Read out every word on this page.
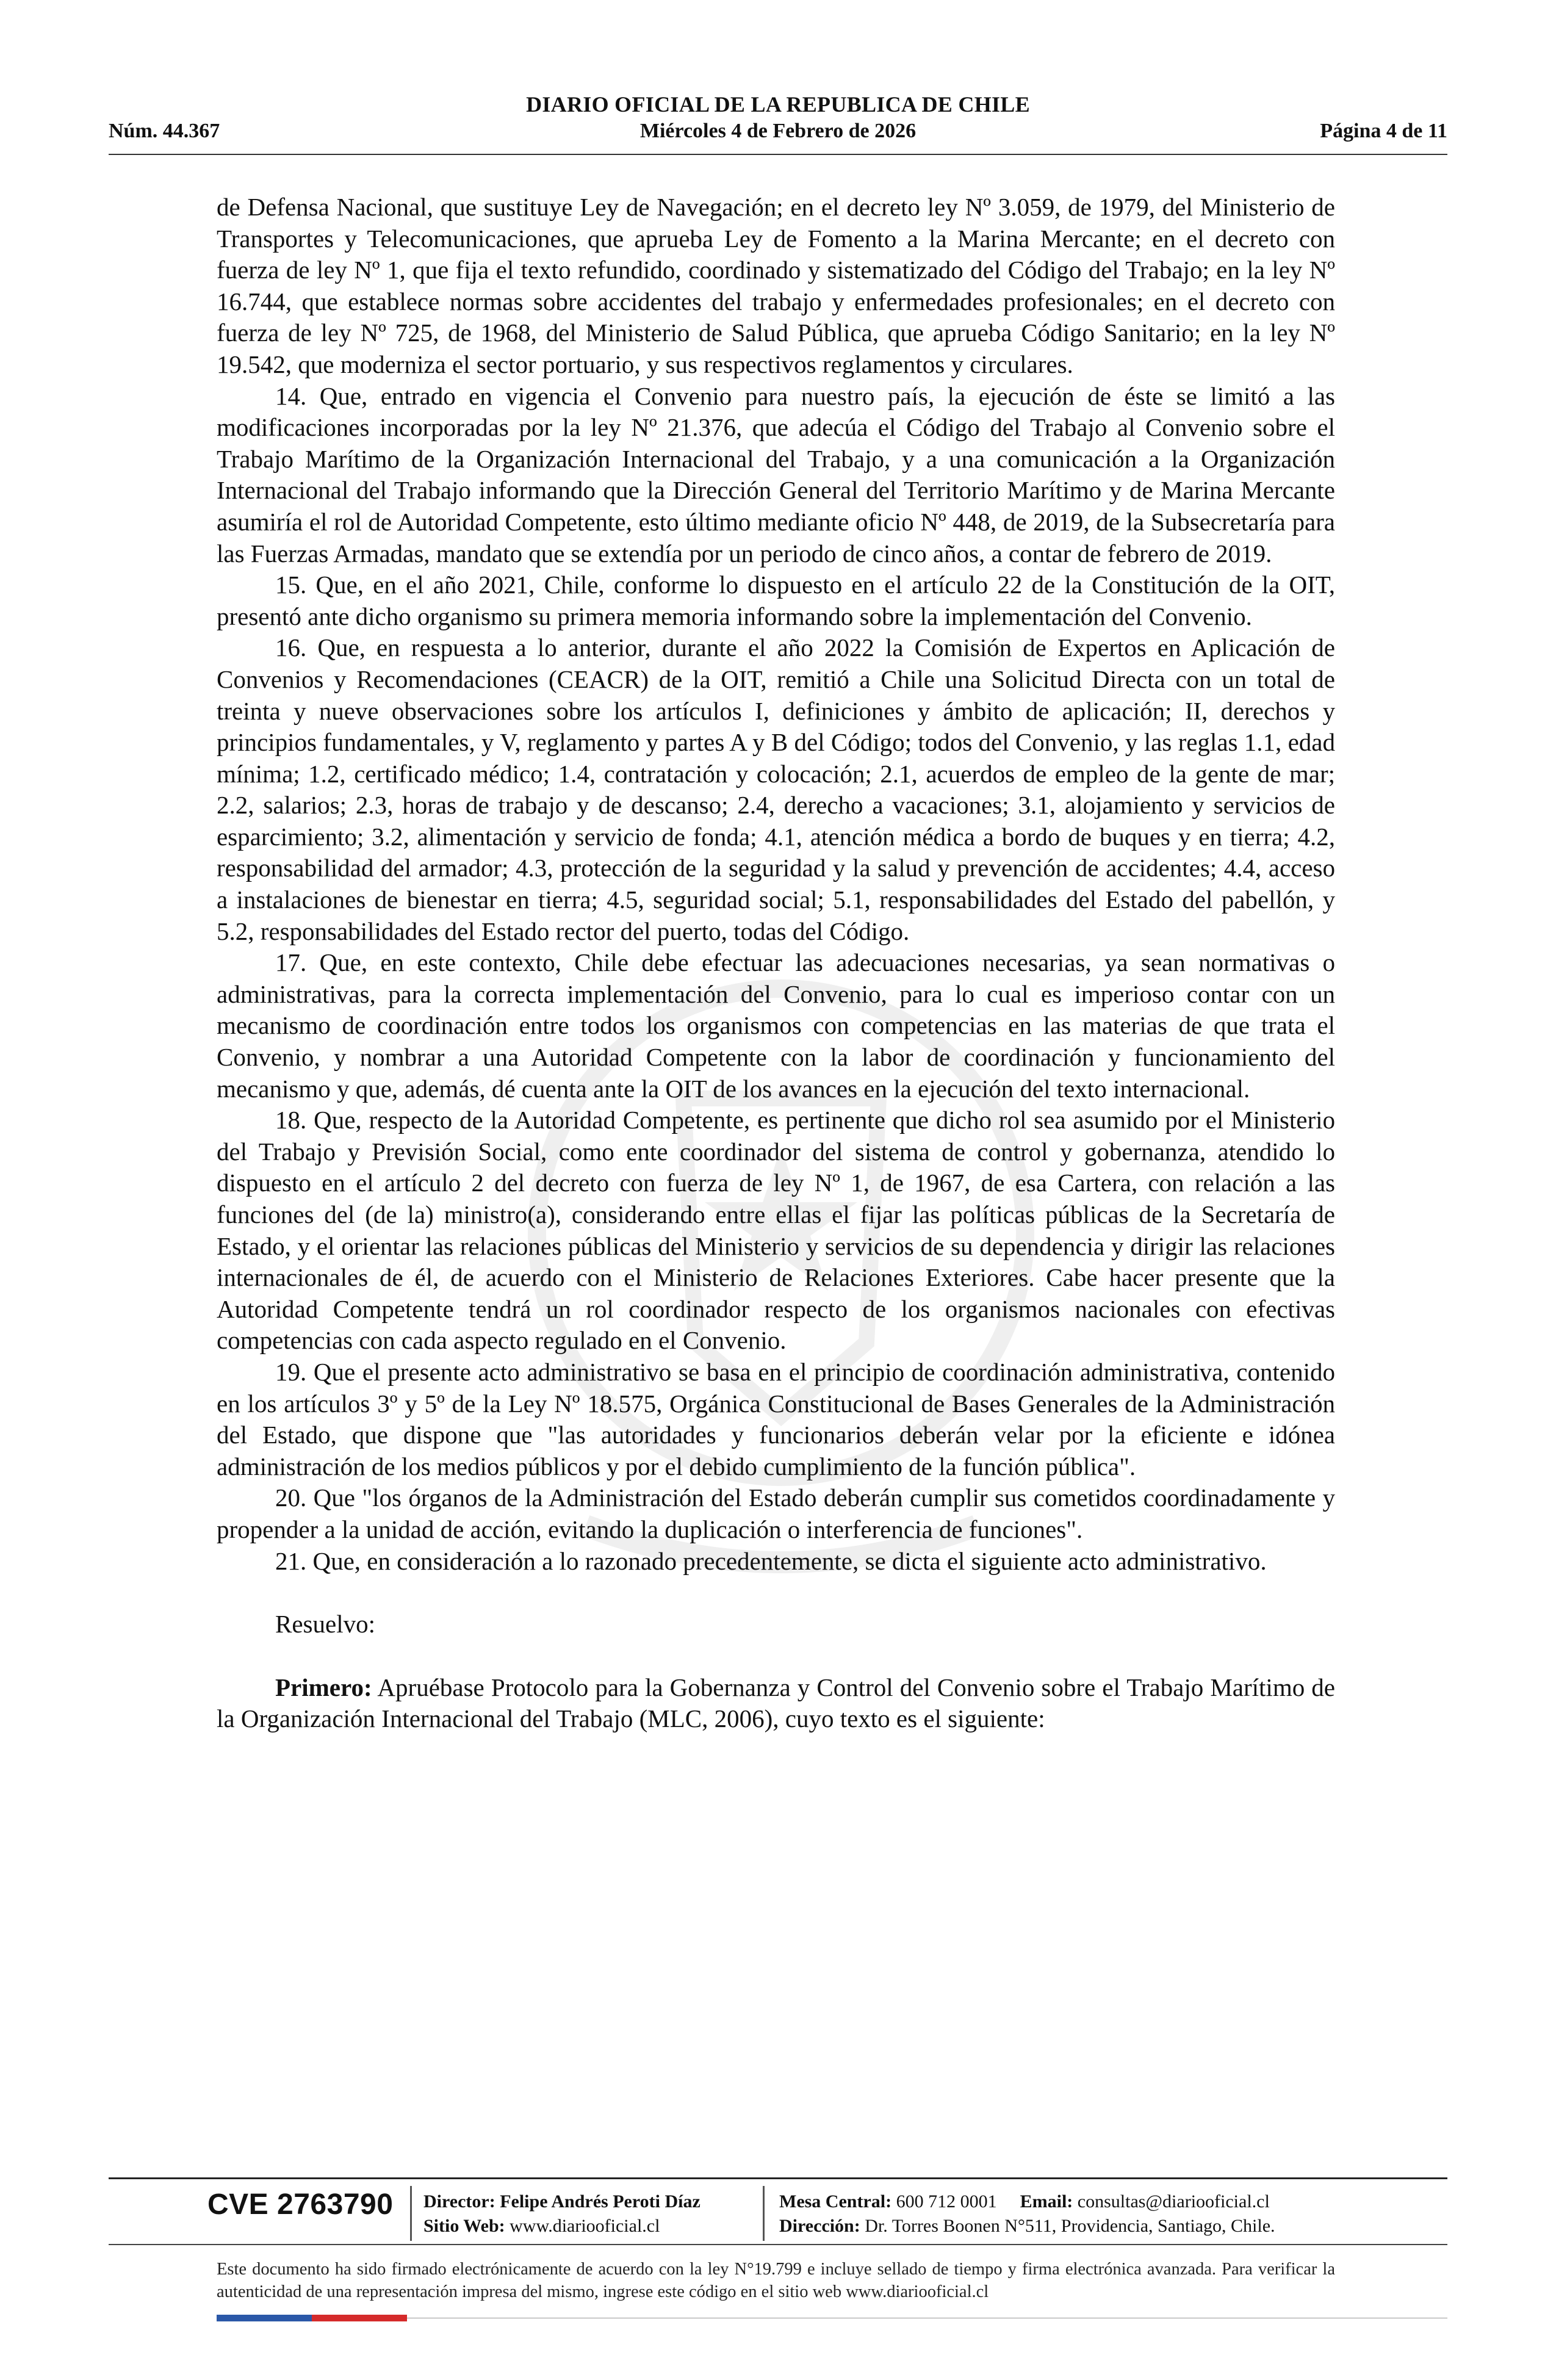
DIARIO OFICIAL DE LA REPUBLICA DE CHILE
Núm. 44.367	Miércoles 4 de Febrero de 2026	Página 4 de 11

de Defensa Nacional, que sustituye Ley de Navegación; en el decreto ley Nº 3.059, de 1979, del Ministerio de Transportes y Telecomunicaciones, que aprueba Ley de Fomento a la Marina Mercante; en el decreto con fuerza de ley Nº 1, que fija el texto refundido, coordinado y sistematizado del Código del Trabajo; en la ley Nº 16.744, que establece normas sobre accidentes del trabajo y enfermedades profesionales; en el decreto con fuerza de ley Nº 725, de 1968, del Ministerio de Salud Pública, que aprueba Código Sanitario; en la ley Nº 19.542, que moderniza el sector portuario, y sus respectivos reglamentos y circulares.

14. Que, entrado en vigencia el Convenio para nuestro país, la ejecución de éste se limitó a las modificaciones incorporadas por la ley Nº 21.376, que adecúa el Código del Trabajo al Convenio sobre el Trabajo Marítimo de la Organización Internacional del Trabajo, y a una comunicación a la Organización Internacional del Trabajo informando que la Dirección General del Territorio Marítimo y de Marina Mercante asumiría el rol de Autoridad Competente, esto último mediante oficio Nº 448, de 2019, de la Subsecretaría para las Fuerzas Armadas, mandato que se extendía por un periodo de cinco años, a contar de febrero de 2019.

15. Que, en el año 2021, Chile, conforme lo dispuesto en el artículo 22 de la Constitución de la OIT, presentó ante dicho organismo su primera memoria informando sobre la implementación del Convenio.

16. Que, en respuesta a lo anterior, durante el año 2022 la Comisión de Expertos en Aplicación de Convenios y Recomendaciones (CEACR) de la OIT, remitió a Chile una Solicitud Directa con un total de treinta y nueve observaciones sobre los artículos I, definiciones y ámbito de aplicación; II, derechos y principios fundamentales, y V, reglamento y partes A y B del Código; todos del Convenio, y las reglas 1.1, edad mínima; 1.2, certificado médico; 1.4, contratación y colocación; 2.1, acuerdos de empleo de la gente de mar; 2.2, salarios; 2.3, horas de trabajo y de descanso; 2.4, derecho a vacaciones; 3.1, alojamiento y servicios de esparcimiento; 3.2, alimentación y servicio de fonda; 4.1, atención médica a bordo de buques y en tierra; 4.2, responsabilidad del armador; 4.3, protección de la seguridad y la salud y prevención de accidentes; 4.4, acceso a instalaciones de bienestar en tierra; 4.5, seguridad social; 5.1, responsabilidades del Estado del pabellón, y 5.2, responsabilidades del Estado rector del puerto, todas del Código.

17. Que, en este contexto, Chile debe efectuar las adecuaciones necesarias, ya sean normativas o administrativas, para la correcta implementación del Convenio, para lo cual es imperioso contar con un mecanismo de coordinación entre todos los organismos con competencias en las materias de que trata el Convenio, y nombrar a una Autoridad Competente con la labor de coordinación y funcionamiento del mecanismo y que, además, dé cuenta ante la OIT de los avances en la ejecución del texto internacional.

18. Que, respecto de la Autoridad Competente, es pertinente que dicho rol sea asumido por el Ministerio del Trabajo y Previsión Social, como ente coordinador del sistema de control y gobernanza, atendido lo dispuesto en el artículo 2 del decreto con fuerza de ley Nº 1, de 1967, de esa Cartera, con relación a las funciones del (de la) ministro(a), considerando entre ellas el fijar las políticas públicas de la Secretaría de Estado, y el orientar las relaciones públicas del Ministerio y servicios de su dependencia y dirigir las relaciones internacionales de él, de acuerdo con el Ministerio de Relaciones Exteriores. Cabe hacer presente que la Autoridad Competente tendrá un rol coordinador respecto de los organismos nacionales con efectivas competencias con cada aspecto regulado en el Convenio.

19. Que el presente acto administrativo se basa en el principio de coordinación administrativa, contenido en los artículos 3º y 5º de la Ley Nº 18.575, Orgánica Constitucional de Bases Generales de la Administración del Estado, que dispone que "las autoridades y funcionarios deberán velar por la eficiente e idónea administración de los medios públicos y por el debido cumplimiento de la función pública".

20. Que "los órganos de la Administración del Estado deberán cumplir sus cometidos coordinadamente y propender a la unidad de acción, evitando la duplicación o interferencia de funciones".

21. Que, en consideración a lo razonado precedentemente, se dicta el siguiente acto administrativo.

Resuelvo:

Primero: Apruébase Protocolo para la Gobernanza y Control del Convenio sobre el Trabajo Marítimo de la Organización Internacional del Trabajo (MLC, 2006), cuyo texto es el siguiente:

CVE 2763790 Director: Felipe Andrés Peroti Díaz
Sitio Web: www.diariooficial.cl
Mesa Central: 600 712 0001 Email: consultas@diariooficial.cl
Dirección: Dr. Torres Boonen N°511, Providencia, Santiago, Chile.
Este documento ha sido firmado electrónicamente de acuerdo con la ley N°19.799 e incluye sellado de tiempo y firma electrónica avanzada. Para verificar la autenticidad de una representación impresa del mismo, ingrese este código en el sitio web www.diariooficial.cl
